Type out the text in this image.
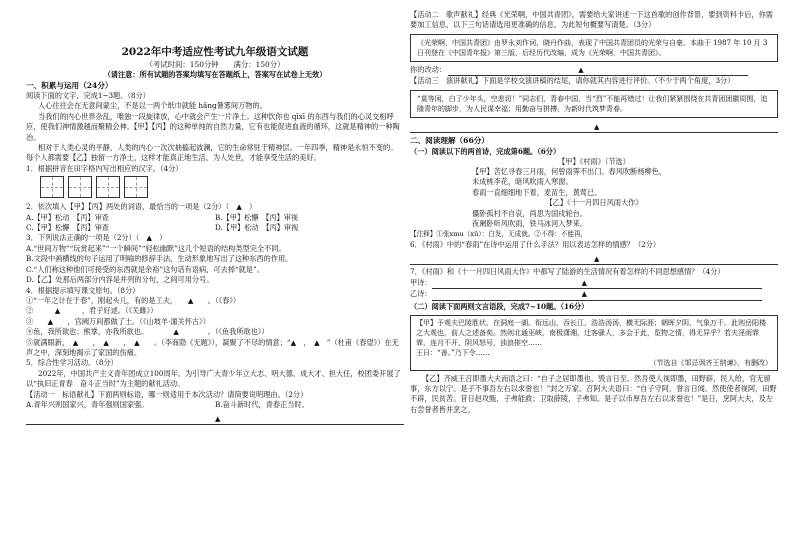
2022年中考适应性考试九年级语文试题
（考试时间：150分钟　　满分：150分）
（请注意：所有试题的答案均填写在答题纸上，答案写在试卷上无效）
一、积累与运用（24分）
阅读下面的文字，完成1~3题。（8分）
人心往往会在无意间蒙尘，不是以一两个纸巾就能 hǎng暑雾间万物的。
当我们的内心世界杂乱，唯独一段旋律放，心中就会产生一片净土。这种饮你也 qīxī 的东西与我们的心灵交相呼应，使我们神情激越而聚精会神。【甲】【丙】的这种单纯的自然力量，它有也能促进血液的循环，这就是精神的一种陶冶。
相对于人类心灵的平静，人类的内心一次次抽搐起波澜，它的生命常驻于精神层。一年四季，精神是永恒不变的。每个人都需要【乙】独留一方净土，这样才能真正地生活，为人处世，才能享受生活的美好。
1．根据拼音在田字格内写出相应的汉字。（4分）
2．依次填入【甲】【丙】两处的词语，最恰当的一项是（2分）（　▲　）
A.【甲】松动　【丙】审查	B.【甲】松懈　【丙】审视
C.【甲】松懈　【丙】审查	D.【甲】松动　【丙】审视
3．下列说法正确的一项是（2分）（　▲　）
A.“世间万物”“玩赏起来”“一个瞬间”“轻松幽默”这几个短语的结构类型完全不同。
B.文段中画横线的句子运用了明喻的修辞手法，生动形象地写出了这种东西的作用。
C.“人们称这种他们可接受的东西就是余裕”这句话有语病，可去掉“就是”。
D.【乙】处那后两部分内容是并列的分句，之间可用分号。
4．根据提示填写课文原句。（8分）
①“一年之计在于春”，刚起头儿，有的是工夫，　　▲　　。（《春》）
②　　　▲　　　，君子好逑。（《关雎》）
③　　▲　　，宫阙万间都做了土。（《山坡羊·潼关怀古》）
④鱼，我所欲也；熊掌，亦我所欲也。　　　　▲　　　　。（《鱼我所欲也》）
⑤就满眼新，　▲　　，　▲　　，　▲　　。（李商隐《无题》），凝聚了不尽的情意；“▲　，　▲　”（杜甫《春望》）在无声之中，深刻地揭示了家国的伤痛。
5．综合性学习活动。（8分）
2022年，中国共产主义青年团成立100周年。为引导广大青少年立大志、明大德、成大才、担大任，校团委开展了以“执旧正青春　奋斗正当时”为主题的献礼活动。
【活动一　标语献礼】下面两则标语，哪一则适用于本次活动？请简要说明理由。（2分）
A.青年兴则国家兴，青年强则国家强。	B.奋斗新时代，青春正当时。
▲
【活动二　歌声献礼】经典《光荣啊，中国共青团》，需要给大家讲述一下这首歌的创作背景，要到资料卡后，你需要加工信息，以下三句话请选用更准确的信息，为此短句概要写清楚。（3分）
《光荣啊，中国共青团》由罗永刘作词、晓丹作曲，表现了中国共青团员的光荣与自豪。本曲于 1987 年 10 月 3 日刊登在《中国青年报》第三版，后经历代改编，成为《光荣啊，中国共青团》。
你的改动：	▲
【活动三　演讲献礼】下面是学校交演讲稿的结尾，请你就其内容进行评价。（不少于两个角度，3分）
“莫等闲，白了少年头，空悲切！”同志们，青春中国，当“烈”不能再错过！让我们紧紧围绕在共青团团徽周围，追随青年的脚步，为人民谋幸福；用勤奋与拼搏，为新时代筑梦青春。
▲
二、阅读理解（66分）
（一）阅读以下的两首诗，完成第6题。（6分）
【甲】《村雨》（节选）
【甲】苦忆寻春三月雨，何曾雨霁不出门。春风吹断杨柳色，
未成桃李花，暗风吹雨入寒窗。
春雨一直细细地下着，麦苗生，黄莺已。
【乙】《十一月四日风雨大作》
僵卧孤村不自哀，尚思为国戍轮台。
夜阑卧听风吹雨，铁马冰河入梦来。
【注释】①张xmu（xū）：白发，无成就。②不得：不能再，
6．《村雨》中的“春雨”在诗中运用了什么手法？用以表达怎样的情感？（2分）
▲
7．《村雨》和《十一月四日风雨大作》中都写了陆游的生活情况有着怎样的不同思想感情？（4分）
甲诗：	▲
乙诗：	▲
（二）阅读下面两则文言语段，完成7~10题。（16分）
【甲】予观夫巴陵胜状，在洞庭一湖。衔远山，吞长江，浩浩汤汤，横无际涯；朝晖夕阴，气象万千。此则岳阳楼之大观也，前人之述备矣。然则北通巫峡，南极潇湘，迁客骚人，多会于此，览物之情，得无异乎？若夫淫雨霏霏，连月不开，阴风怒号，浊浪排空……
王曰：“善。”乃下令……
（节选自《邹忌讽齐王纳谏》，有删改）
【乙】齐威王召即墨大夫而语之曰：“自子之居即墨也，毁言日至。然吾使人视即墨，田野辟，民人给，官无留事，东方以宁。是子不事吾左右以求誉也！”封之万家。召阿大夫语曰：“自子守阿，誉言日闻。然使使者视阿，田野不辟，民贫苦。昔日赵攻甄，子弗能救；卫取薛陵，子弗知。是子以币厚吾左右以求誉也！”是日，烹阿大夫，及左右尝誉者皆并烹之。
